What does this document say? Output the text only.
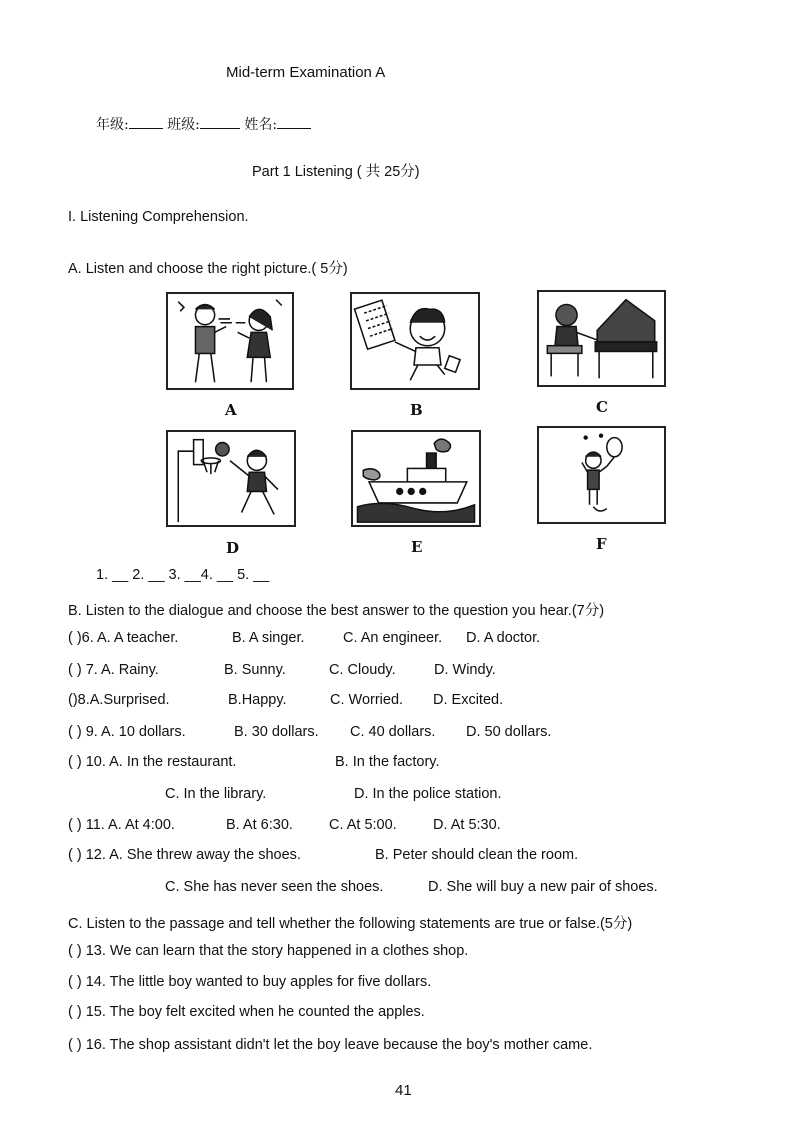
Mid-term Examination A
年级:	班级:	姓名:
Part 1 Listening ( 共 25分)
I. Listening Comprehension.
A. Listen and choose the right picture.( 5分)
A	B	C
D	E	F
1. __ 2. __ 3. __4. __ 5. __
B. Listen to the dialogue and choose the best answer to the question you hear.(7分)
( )6. A. A teacher.	B. A singer.	C. An engineer. D. A doctor.
( ) 7. A. Rainy.	B. Sunny.	C. Cloudy.	D. Windy.
()8.A.Surprised.	B.Happy.	C. Worried. D. Excited.
( ) 9. A. 10 dollars.	B. 30 dollars. C. 40 dollars. D. 50 dollars.
( ) 10. A. In the restaurant.	B. In the factory.
C. In the library.	D. In the police station.
( ) 11. A. At 4:00.	B. At 6:30. C. At 5:00.	D. At 5:30.
( ) 12. A. She threw away the shoes.	B. Peter should clean the room.
C. She has never seen the shoes.	D. She will buy a new pair of shoes.
C. Listen to the passage and tell whether the following statements are true or false.(5分)
( ) 13. We can learn that the story happened in a clothes shop.
( ) 14. The little boy wanted to buy apples for five dollars.
( ) 15. The boy felt excited when he counted the apples.
( ) 16. The shop assistant didn't let the boy leave because the boy's mother came.
41
